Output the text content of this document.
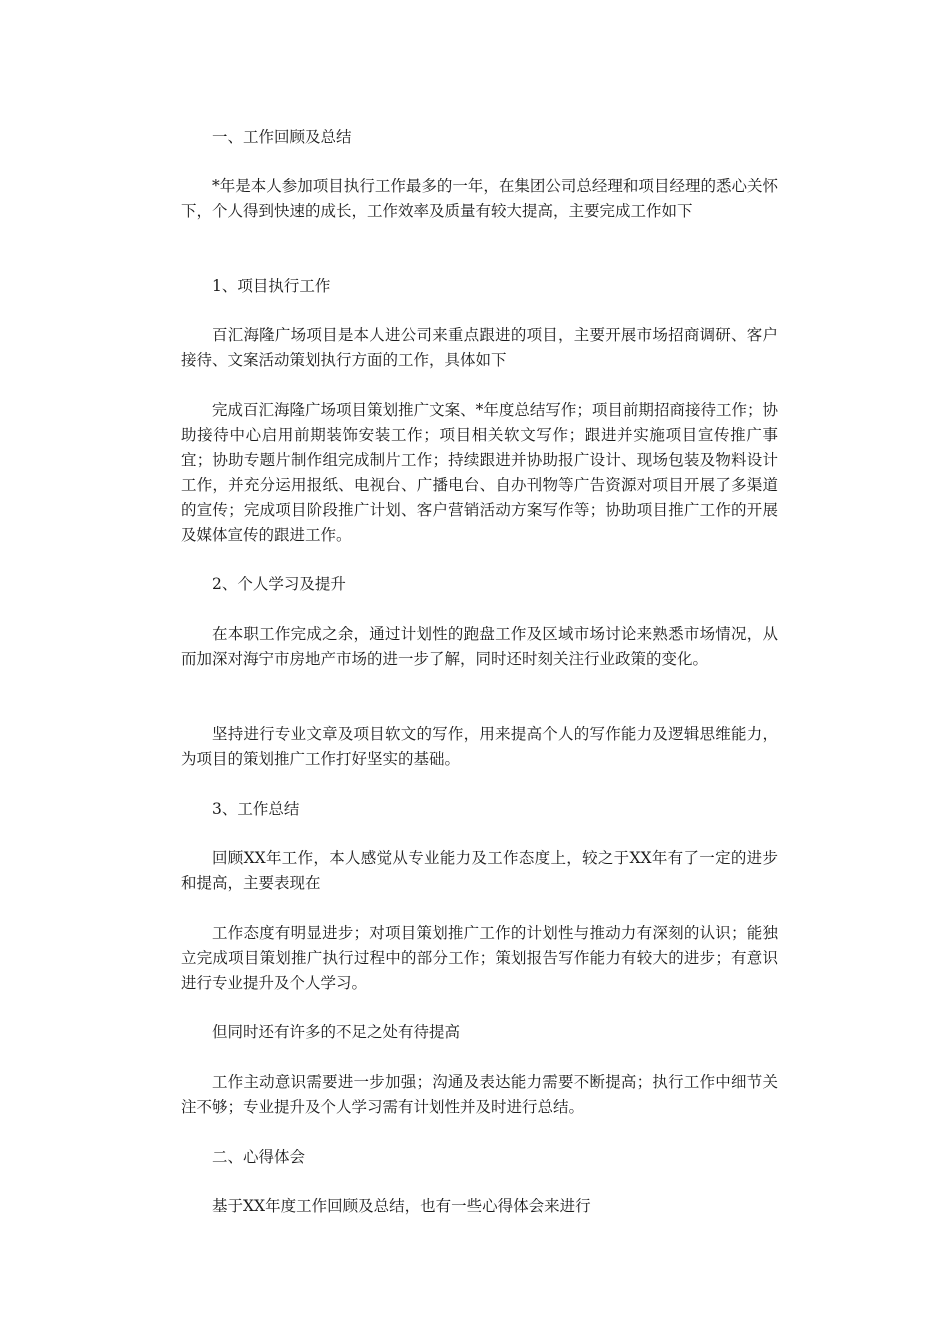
一、工作回顾及总结

*年是本人参加项目执行工作最多的一年，在集团公司总经理和项目经理的悉心关怀下，个人得到快速的成长，工作效率及质量有较大提高，主要完成工作如下

1、项目执行工作

百汇海隆广场项目是本人进公司来重点跟进的项目，主要开展市场招商调研、客户接待、文案活动策划执行方面的工作，具体如下

完成百汇海隆广场项目策划推广文案、*年度总结写作；项目前期招商接待工作；协助接待中心启用前期装饰安装工作；项目相关软文写作；跟进并实施项目宣传推广事宜；协助专题片制作组完成制片工作；持续跟进并协助报广设计、现场包装及物料设计工作，并充分运用报纸、电视台、广播电台、自办刊物等广告资源对项目开展了多渠道的宣传；完成项目阶段推广计划、客户营销活动方案写作等；协助项目推广工作的开展及媒体宣传的跟进工作。

2、个人学习及提升

在本职工作完成之余，通过计划性的跑盘工作及区域市场讨论来熟悉市场情况，从而加深对海宁市房地产市场的进一步了解，同时还时刻关注行业政策的变化。

坚持进行专业文章及项目软文的写作，用来提高个人的写作能力及逻辑思维能力，为项目的策划推广工作打好坚实的基础。

3、工作总结

回顾XX年工作，本人感觉从专业能力及工作态度上，较之于XX年有了一定的进步和提高，主要表现在

工作态度有明显进步；对项目策划推广工作的计划性与推动力有深刻的认识；能独立完成项目策划推广执行过程中的部分工作；策划报告写作能力有较大的进步；有意识进行专业提升及个人学习。

但同时还有许多的不足之处有待提高

工作主动意识需要进一步加强；沟通及表达能力需要不断提高；执行工作中细节关注不够；专业提升及个人学习需有计划性并及时进行总结。

二、心得体会

基于XX年度工作回顾及总结，也有一些心得体会来进行
